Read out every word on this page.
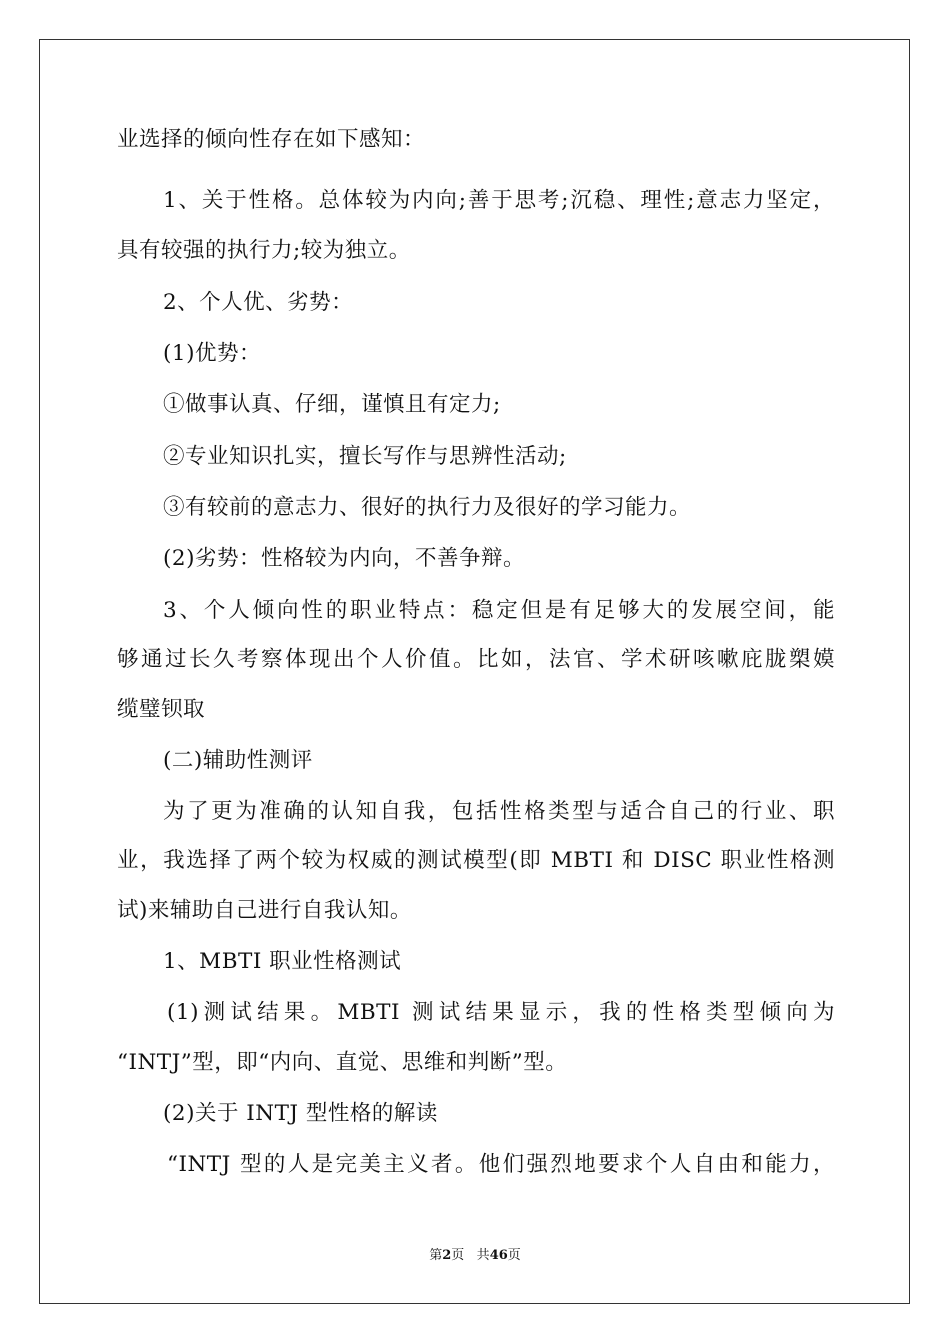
业选择的倾向性存在如下感知：
1、关于性格。总体较为内向;善于思考;沉稳、理性;意志力坚定，
具有较强的执行力;较为独立。
2、个人优、劣势：
(1)优势：
①做事认真、仔细，谨慎且有定力;
②专业知识扎实，擅长写作与思辨性活动;
③有较前的意志力、很好的执行力及很好的学习能力。
(2)劣势：性格较为内向，不善争辩。
3、个人倾向性的职业特点：稳定但是有足够大的发展空间，能
够通过长久考察体现出个人价值。比如，法官、学术研咳嗽庇胧槊嫫
缆璧钡取
(二)辅助性测评
为了更为准确的认知自我，包括性格类型与适合自己的行业、职
业，我选择了两个较为权威的测试模型(即 MBTI 和 DISC 职业性格测
试)来辅助自己进行自我认知。
1、MBTI 职业性格测试
(1)测试结果。MBTI 测试结果显示，我的性格类型倾向为
“INTJ”型，即“内向、直觉、思维和判断”型。
(2)关于 INTJ 型性格的解读
“INTJ 型的人是完美主义者。他们强烈地要求个人自由和能力，
第2页 共46页
